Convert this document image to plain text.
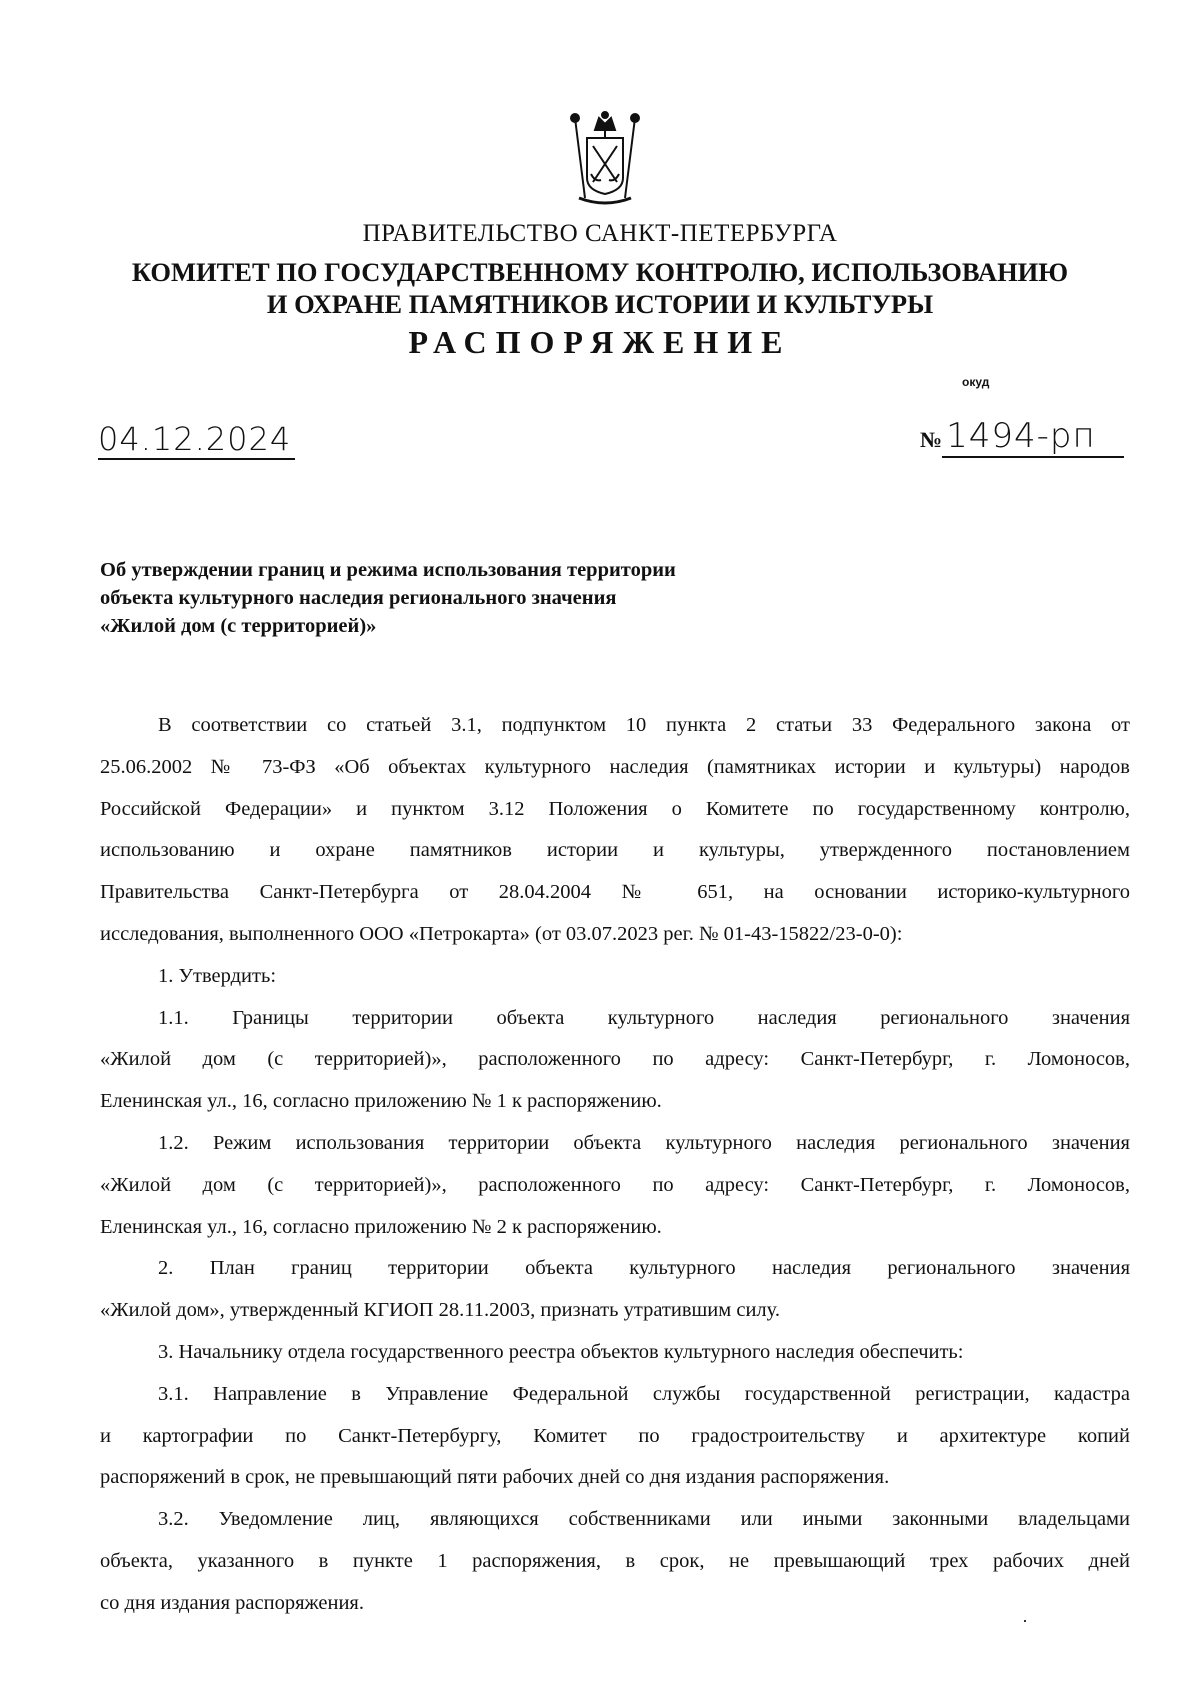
ПРАВИТЕЛЬСТВО САНКТ-ПЕТЕРБУРГА
КОМИТЕТ ПО ГОСУДАРСТВЕННОМУ КОНТРОЛЮ, ИСПОЛЬЗОВАНИЮ
И ОХРАНЕ ПАМЯТНИКОВ ИСТОРИИ И КУЛЬТУРЫ
РАСПОРЯЖЕНИЕ
окуд
04.12.2024	№ 1494-рп
Об утверждении границ и режима использования территории
объекта культурного наследия регионального значения
«Жилой дом (с территорией)»
В соответствии со статьей 3.1, подпунктом 10 пункта 2 статьи 33 Федерального закона от
25.06.2002 № 73-ФЗ «Об объектах культурного наследия (памятниках истории и культуры) народов
Российской Федерации» и пунктом 3.12 Положения о Комитете по государственному контролю,
использованию и охране памятников истории и культуры, утвержденного постановлением
Правительства Санкт-Петербурга от 28.04.2004 № 651, на основании историко-культурного
исследования, выполненного ООО «Петрокарта» (от 03.07.2023 рег. № 01-43-15822/23-0-0):
1. Утвердить:
1.1. Границы территории объекта культурного наследия регионального значения
«Жилой дом (с территорией)», расположенного по адресу: Санкт-Петербург, г. Ломоносов,
Еленинская ул., 16, согласно приложению № 1 к распоряжению.
1.2. Режим использования территории объекта культурного наследия регионального значения
«Жилой дом (с территорией)», расположенного по адресу: Санкт-Петербург, г. Ломоносов,
Еленинская ул., 16, согласно приложению № 2 к распоряжению.
2. План границ территории объекта культурного наследия регионального значения
«Жилой дом», утвержденный КГИОП 28.11.2003, признать утратившим силу.
3. Начальнику отдела государственного реестра объектов культурного наследия обеспечить:
3.1. Направление в Управление Федеральной службы государственной регистрации, кадастра
и картографии по Санкт-Петербургу, Комитет по градостроительству и архитектуре копий
распоряжений в срок, не превышающий пяти рабочих дней со дня издания распоряжения.
3.2. Уведомление лиц, являющихся собственниками или иными законными владельцами
объекта, указанного в пункте 1 распоряжения, в срок, не превышающий трех рабочих дней
со дня издания распоряжения.
